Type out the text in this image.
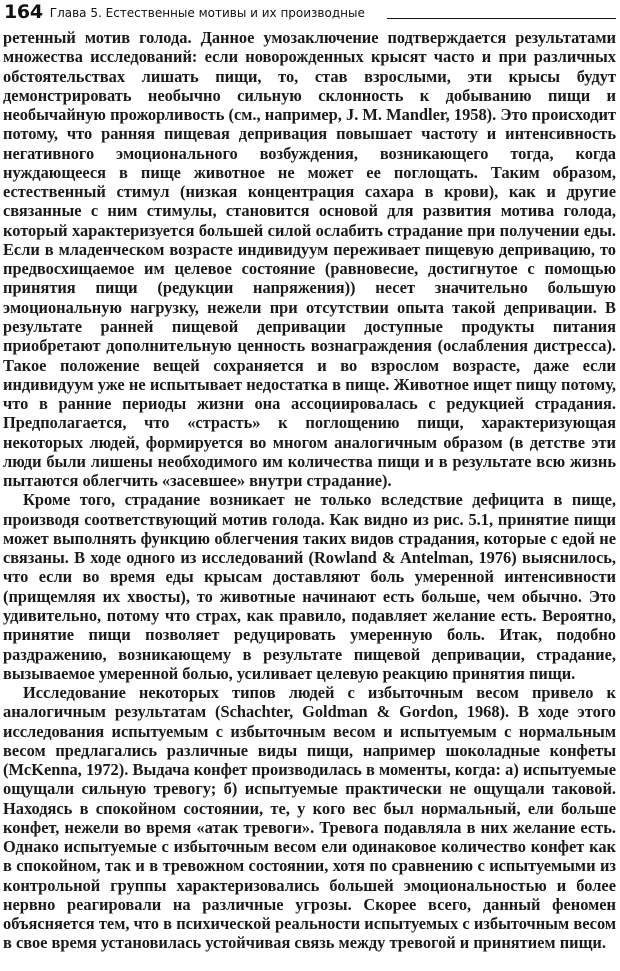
164 Глава 5. Естественные мотивы и их производные

ретенный мотив голода. Данное умозаключение подтверждается результатами множества исследований: если новорожденных крысят часто и при различных обстоятельствах лишать пищи, то, став взрослыми, эти крысы будут демонстрировать необычно сильную склонность к добыванию пищи и необычайную прожорливость (см., например, J. M. Mandler, 1958). Это происходит потому, что ранняя пищевая депривация повышает частоту и интенсивность негативного эмоционального возбуждения, возникающего тогда, когда нуждающееся в пище животное не может ее поглощать. Таким образом, естественный стимул (низкая концентрация сахара в крови), как и другие связанные с ним стимулы, становится основой для развития мотива голода, который характеризуется большей силой ослабить страдание при получении еды. Если в младенческом возрасте индивидуум переживает пищевую депривацию, то предвосхищаемое им целевое состояние (равновесие, достигнутое с помощью принятия пищи (редукции напряжения)) несет значительно большую эмоциональную нагрузку, нежели при отсутствии опыта такой депривации. В результате ранней пищевой депривации доступные продукты питания приобретают дополнительную ценность вознаграждения (ослабления дистресса). Такое положение вещей сохраняется и во взрослом возрасте, даже если индивидуум уже не испытывает недостатка в пище. Животное ищет пищу потому, что в ранние периоды жизни она ассоциировалась с редукцией страдания. Предполагается, что «страсть» к поглощению пищи, характеризующая некоторых людей, формируется во многом аналогичным образом (в детстве эти люди были лишены необходимого им количества пищи и в результате всю жизнь пытаются облегчить «засевшее» внутри страдание).

Кроме того, страдание возникает не только вследствие дефицита в пище, производя соответствующий мотив голода. Как видно из рис. 5.1, принятие пищи может выполнять функцию облегчения таких видов страдания, которые с едой не связаны. В ходе одного из исследований (Rowland & Antelman, 1976) выяснилось, что если во время еды крысам доставляют боль умеренной интенсивности (прищемляя их хвосты), то животные начинают есть больше, чем обычно. Это удивительно, потому что страх, как правило, подавляет желание есть. Вероятно, принятие пищи позволяет редуцировать умеренную боль. Итак, подобно раздражению, возникающему в результате пищевой депривации, страдание, вызываемое умеренной болью, усиливает целевую реакцию принятия пищи.

Исследование некоторых типов людей с избыточным весом привело к аналогичным результатам (Schachter, Goldman & Gordon, 1968). В ходе этого исследования испытуемым с избыточным весом и испытуемым с нормальным весом предлагались различные виды пищи, например шоколадные конфеты (McKenna, 1972). Выдача конфет производилась в моменты, когда: а) испытуемые ощущали сильную тревогу; б) испытуемые практически не ощущали таковой. Находясь в спокойном состоянии, те, у кого вес был нормальный, ели больше конфет, нежели во время «атак тревоги». Тревога подавляла в них желание есть. Однако испытуемые с избыточным весом ели одинаковое количество конфет как в спокойном, так и в тревожном состоянии, хотя по сравнению с испытуемыми из контрольной группы характеризовались большей эмоциональностью и более нервно реагировали на различные угрозы. Скорее всего, данный феномен объясняется тем, что в психической реальности испытуемых с избыточным весом в свое время установилась устойчивая связь между тревогой и принятием пищи.
